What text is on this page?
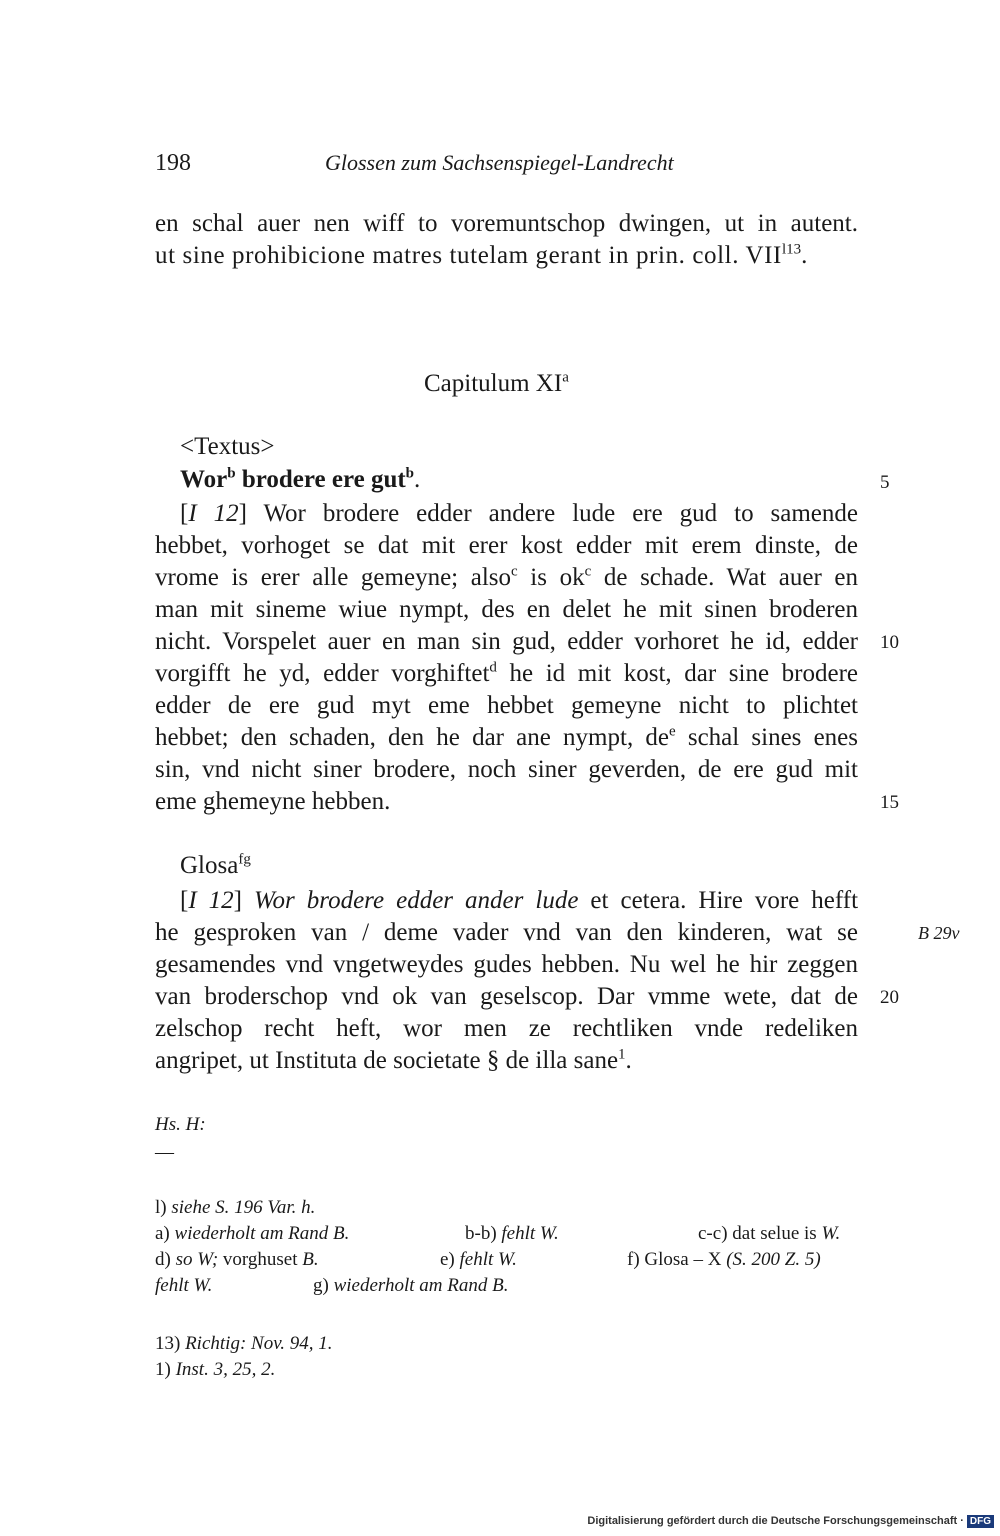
198	Glossen zum Sachsenspiegel-Landrecht
en schal auer nen wiff to voremuntschop dwingen, ut in autent.
ut sine prohibicione matres tutelam gerant in prin. coll. $VII^{l13}$.
Capitulum $XI^a$
<Textus>
Wor$^b$ brodere ere gut$^b$.	5
[I 12] Wor brodere edder andere lude ere gud to samende
hebbet, vorhoget se dat mit erer kost edder mit erem dinste, de
vrome is erer alle gemeyne; also$^c$ is $ok^c$ de schade. Wat auer en
man mit sineme wiue nympt, des en delet he mit sinen broderen
nicht. Vorspelet auer en man sin gud, edder vorhoret he id, edder 10
vorgifft he yd, edder vorghiftet$^d$ he id mit kost, dar sine brodere
edder de ere gud myt eme hebbet gemeyne nicht to plichtet
hebbet; den schaden, den he dar ane nympt, $de^e$ schal sines enes
sin, vnd nicht siner brodere, noch siner geverden, de ere gud mit
eme ghemeyne hebben.	15
Glosa$^{fg}$
[I 12] Wor brodere edder ander lude et cetera. Hire vore hefft
he gesproken van / deme vader vnd van den kinderen, wat se	B 29v
gesamendes vnd vngetweydes gudes hebben. Nu wel he hir zeggen
van broderschop vnd ok van geselscop. Dar vmme wete, dat de 20
zelschop recht heft, wor men ze rechtliken vnde redeliken
angripet, ut Instituta de societate § de illa sane$^1$.
Hs. H:
—
l) siehe S. 196 Var. h.
a) wiederholt am Rand B.	b-b) fehlt W.	c-c) dat selue is W.
d) so W; vorghuset B.	e) fehlt W.	f) Glosa – X (S. 200 Z. 5)
fehlt W.	g) wiederholt am Rand B.
13) Richtig: Nov. 94, 1.
1) Inst. 3, 25, 2.
Digitalisierung gefördert durch die Deutsche Forschungsgemeinschaft · DFG
